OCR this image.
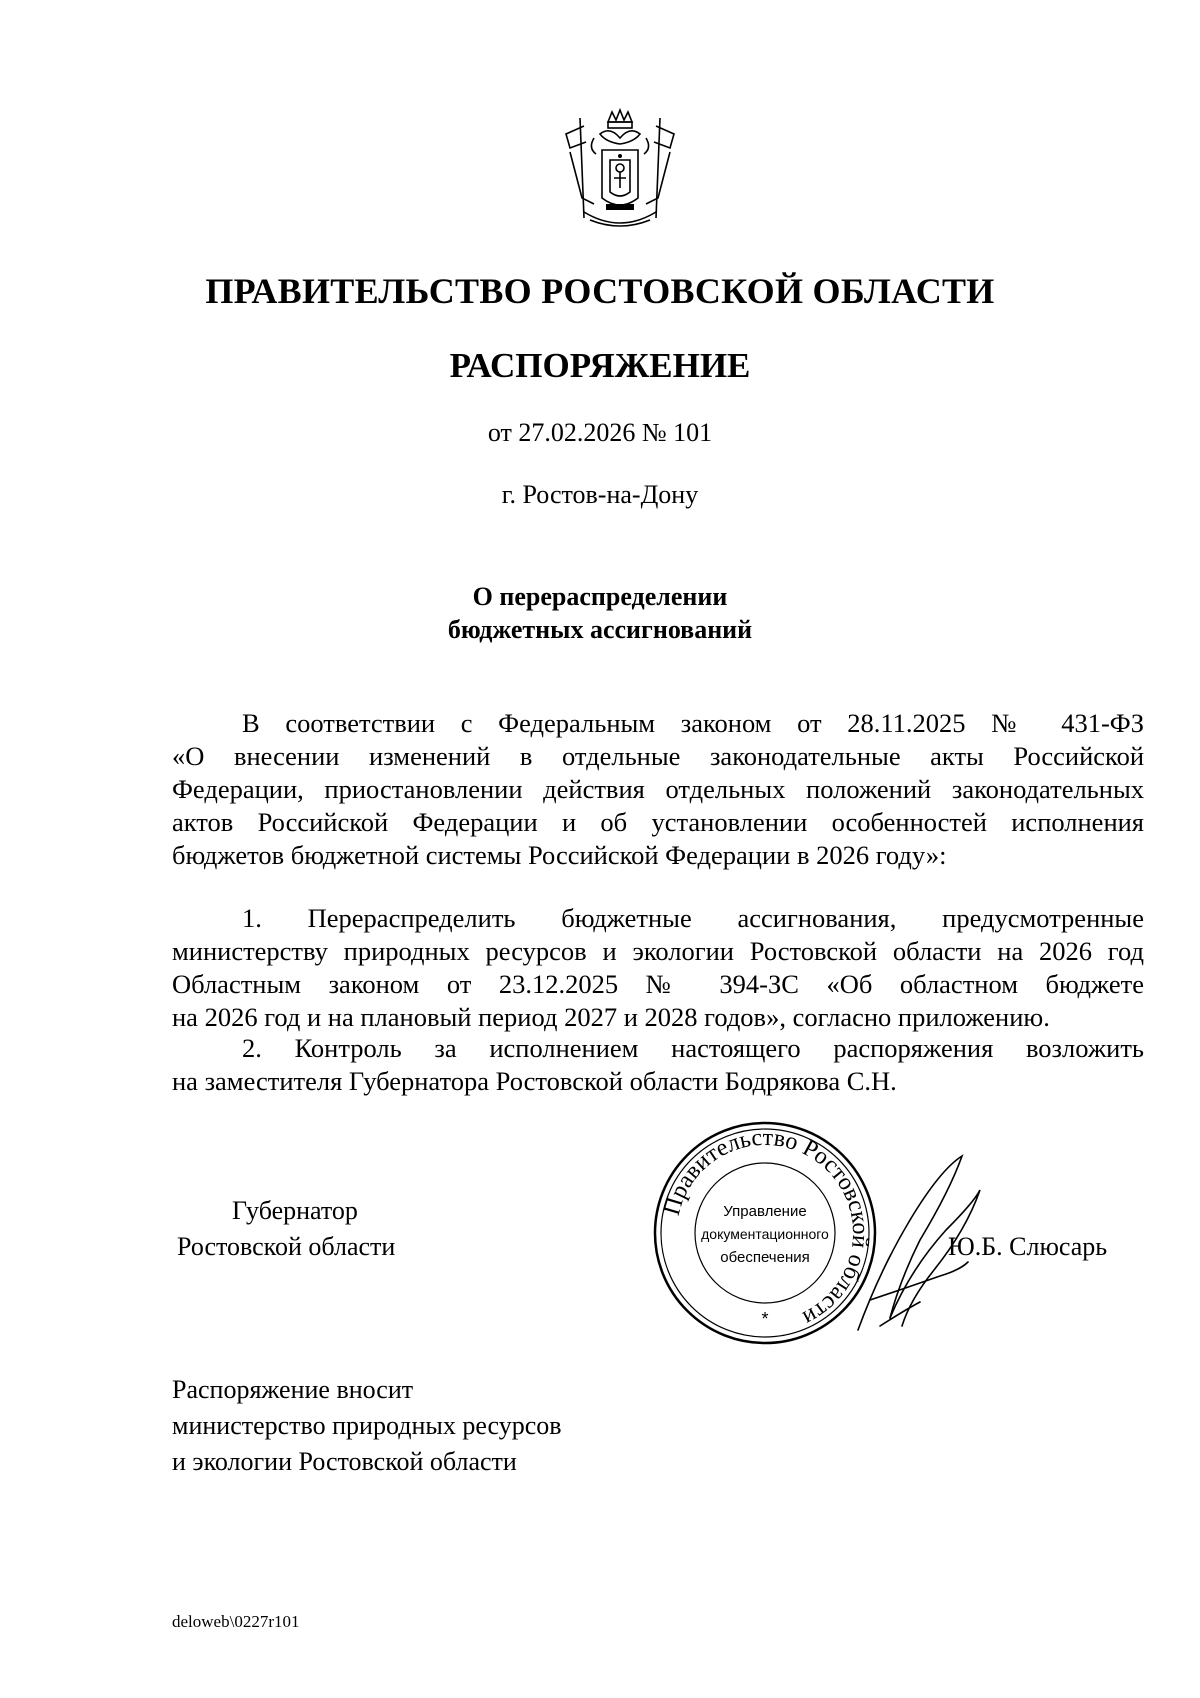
ПРАВИТЕЛЬСТВО РОСТОВСКОЙ ОБЛАСТИ
РАСПОРЯЖЕНИЕ
от 27.02.2026 № 101
г. Ростов-на-Дону
О перераспределении
бюджетных ассигнований
В соответствии с Федеральным законом от 28.11.2025 № 431-ФЗ
«О внесении изменений в отдельные законодательные акты Российской
Федерации, приостановлении действия отдельных положений законодательных
актов Российской Федерации и об установлении особенностей исполнения
бюджетов бюджетной системы Российской Федерации в 2026 году»:
1. Перераспределить бюджетные ассигнования, предусмотренные
министерству природных ресурсов и экологии Ростовской области на 2026 год
Областным законом от 23.12.2025 № 394-ЗС «Об областном бюджете
на 2026 год и на плановый период 2027 и 2028 годов», согласно приложению.
2. Контроль за исполнением настоящего распоряжения возложить
на заместителя Губернатора Ростовской области Бодрякова С.Н.
Правительство Ростовской области
Управление
документационного
обеспечения
*
Губернатор
Ростовской области	Ю.Б. Слюсарь
Распоряжение вносит
министерство природных ресурсов
и экологии Ростовской области
deloweb\0227r101
